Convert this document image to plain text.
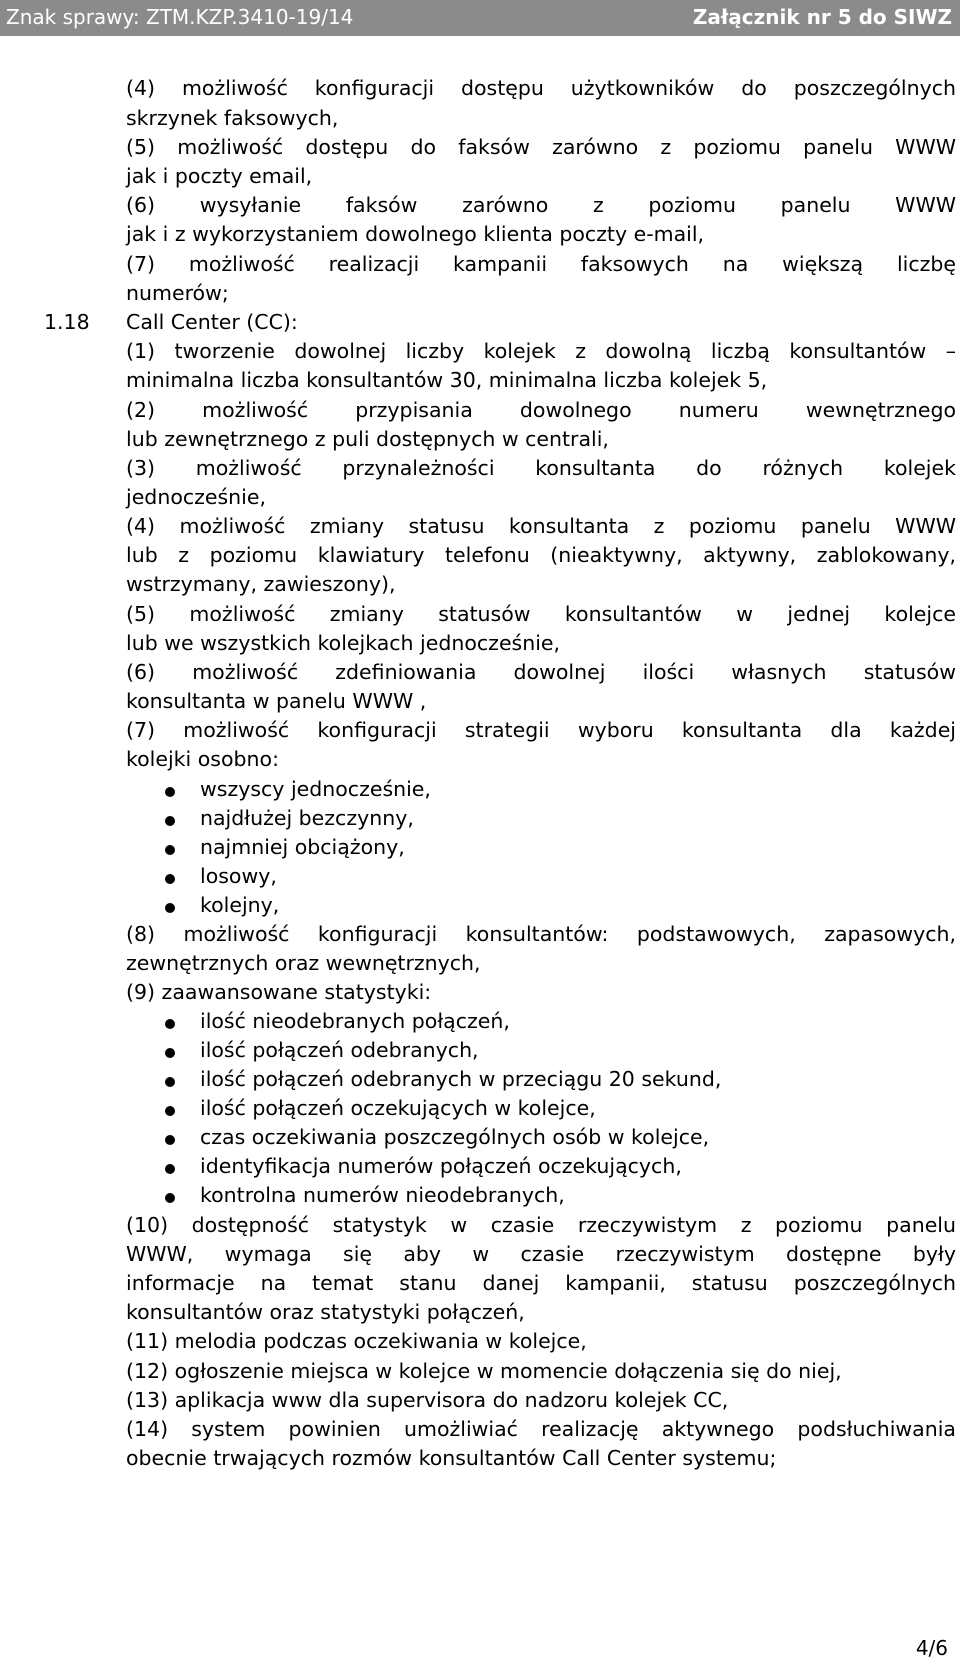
Znak sprawy: ZTM.KZP.3410-19/14	Załącznik nr 5 do SIWZ
(4) możliwość konfiguracji dostępu użytkowników do poszczególnych
skrzynek faksowych,
(5) możliwość dostępu do faksów zarówno z poziomu panelu WWW
jak i poczty email,
(6) wysyłanie faksów zarówno z poziomu panelu WWW
jak i z wykorzystaniem dowolnego klienta poczty e-mail,
(7) możliwość realizacji kampanii faksowych na większą liczbę
numerów;
1.18 Call Center (CC):
(1) tworzenie dowolnej liczby kolejek z dowolną liczbą konsultantów –
minimalna liczba konsultantów 30, minimalna liczba kolejek 5,
(2) możliwość przypisania dowolnego numeru wewnętrznego
lub zewnętrznego z puli dostępnych w centrali,
(3) możliwość przynależności konsultanta do różnych kolejek
jednocześnie,
(4) możliwość zmiany statusu konsultanta z poziomu panelu WWW
lub z poziomu klawiatury telefonu (nieaktywny, aktywny, zablokowany,
wstrzymany, zawieszony),
(5) możliwość zmiany statusów konsultantów w jednej kolejce
lub we wszystkich kolejkach jednocześnie,
(6) możliwość zdefiniowania dowolnej ilości własnych statusów
konsultanta w panelu WWW ,
(7) możliwość konfiguracji strategii wyboru konsultanta dla każdej
kolejki osobno:
wszyscy jednocześnie,
najdłużej bezczynny,
najmniej obciążony,
losowy,
kolejny,
(8) możliwość konfiguracji konsultantów: podstawowych, zapasowych,
zewnętrznych oraz wewnętrznych,
(9) zaawansowane statystyki:
ilość nieodebranych połączeń,
ilość połączeń odebranych,
ilość połączeń odebranych w przeciągu 20 sekund,
ilość połączeń oczekujących w kolejce,
czas oczekiwania poszczególnych osób w kolejce,
identyfikacja numerów połączeń oczekujących,
kontrolna numerów nieodebranych,
(10) dostępność statystyk w czasie rzeczywistym z poziomu panelu
WWW, wymaga się aby w czasie rzeczywistym dostępne były
informacje na temat stanu danej kampanii, statusu poszczególnych
konsultantów oraz statystyki połączeń,
(11) melodia podczas oczekiwania w kolejce,
(12) ogłoszenie miejsca w kolejce w momencie dołączenia się do niej,
(13) aplikacja www dla supervisora do nadzoru kolejek CC,
(14) system powinien umożliwiać realizację aktywnego podsłuchiwania
obecnie trwających rozmów konsultantów Call Center systemu;
4/6
